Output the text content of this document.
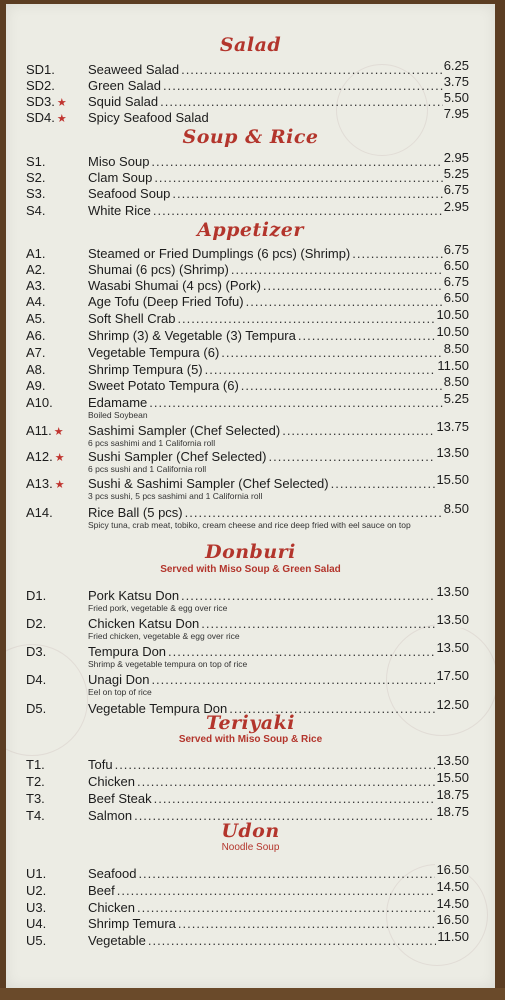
Salad
SD1.	Seaweed Salad .....	6.25
SD2.	Green Salad .....	3.75
SD3. ★ Squid Salad .....	5.50
SD4. ★ Spicy Seafood Salad	7.95
Soup & Rice
S1.	Miso Soup .....	2.95
S2.	Clam Soup .....	5.25
S3.	Seafood Soup .....	6.75
S4.	White Rice .....	2.95
Appetizer
A1.	Steamed or Fried Dumplings (6 pcs) (Shrimp) .....	6.75
A2.	Shumai (6 pcs) (Shrimp) .....	6.50
A3.	Wasabi Shumai (4 pcs) (Pork) .....	6.75
A4.	Age Tofu (Deep Fried Tofu) .....	6.50
A5.	Soft Shell Crab .....	10.50
A6.	Shrimp (3) & Vegetable (3) Tempura .....	10.50
A7.	Vegetable Tempura (6) .....	8.50
A8.	Shrimp Tempura (5) .....	11.50
A9.	Sweet Potato Tempura (6) .....	8.50
A10.	Edamame .....	5.25
Boiled Soybean
A11. ★ Sashimi Sampler (Chef Selected) .....	13.75
6 pcs sashimi and 1 California roll
A12. ★ Sushi Sampler (Chef Selected) .....	13.50
6 pcs sushi and 1 California roll
A13. ★ Sushi & Sashimi Sampler (Chef Selected) .....	15.50
3 pcs sushi, 5 pcs sashimi and 1 California roll
A14.	Rice Ball (5 pcs) .....	8.50
Spicy tuna, crab meat, tobiko, cream cheese and rice deep fried with eel sauce on top
Donburi
Served with Miso Soup & Green Salad
D1.	Pork Katsu Don .....	13.50
Fried pork, vegetable & egg over rice
D2.	Chicken Katsu Don .....	13.50
Fried chicken, vegetable & egg over rice
D3.	Tempura Don .....	13.50
Shrimp & vegetable tempura on top of rice
D4.	Unagi Don .....	17.50
Eel on top of rice
D5.	Vegetable Tempura Don .....	12.50
Teriyaki
Served with Miso Soup & Rice
T1.	Tofu .....	13.50
T2.	Chicken .....	15.50
T3.	Beef Steak .....	18.75
T4.	Salmon .....	18.75
Udon
Noodle Soup
U1.	Seafood .....	16.50
U2.	Beef .....	14.50
U3.	Chicken .....	14.50
U4.	Shrimp Temura .....	16.50
U5.	Vegetable .....	11.50
